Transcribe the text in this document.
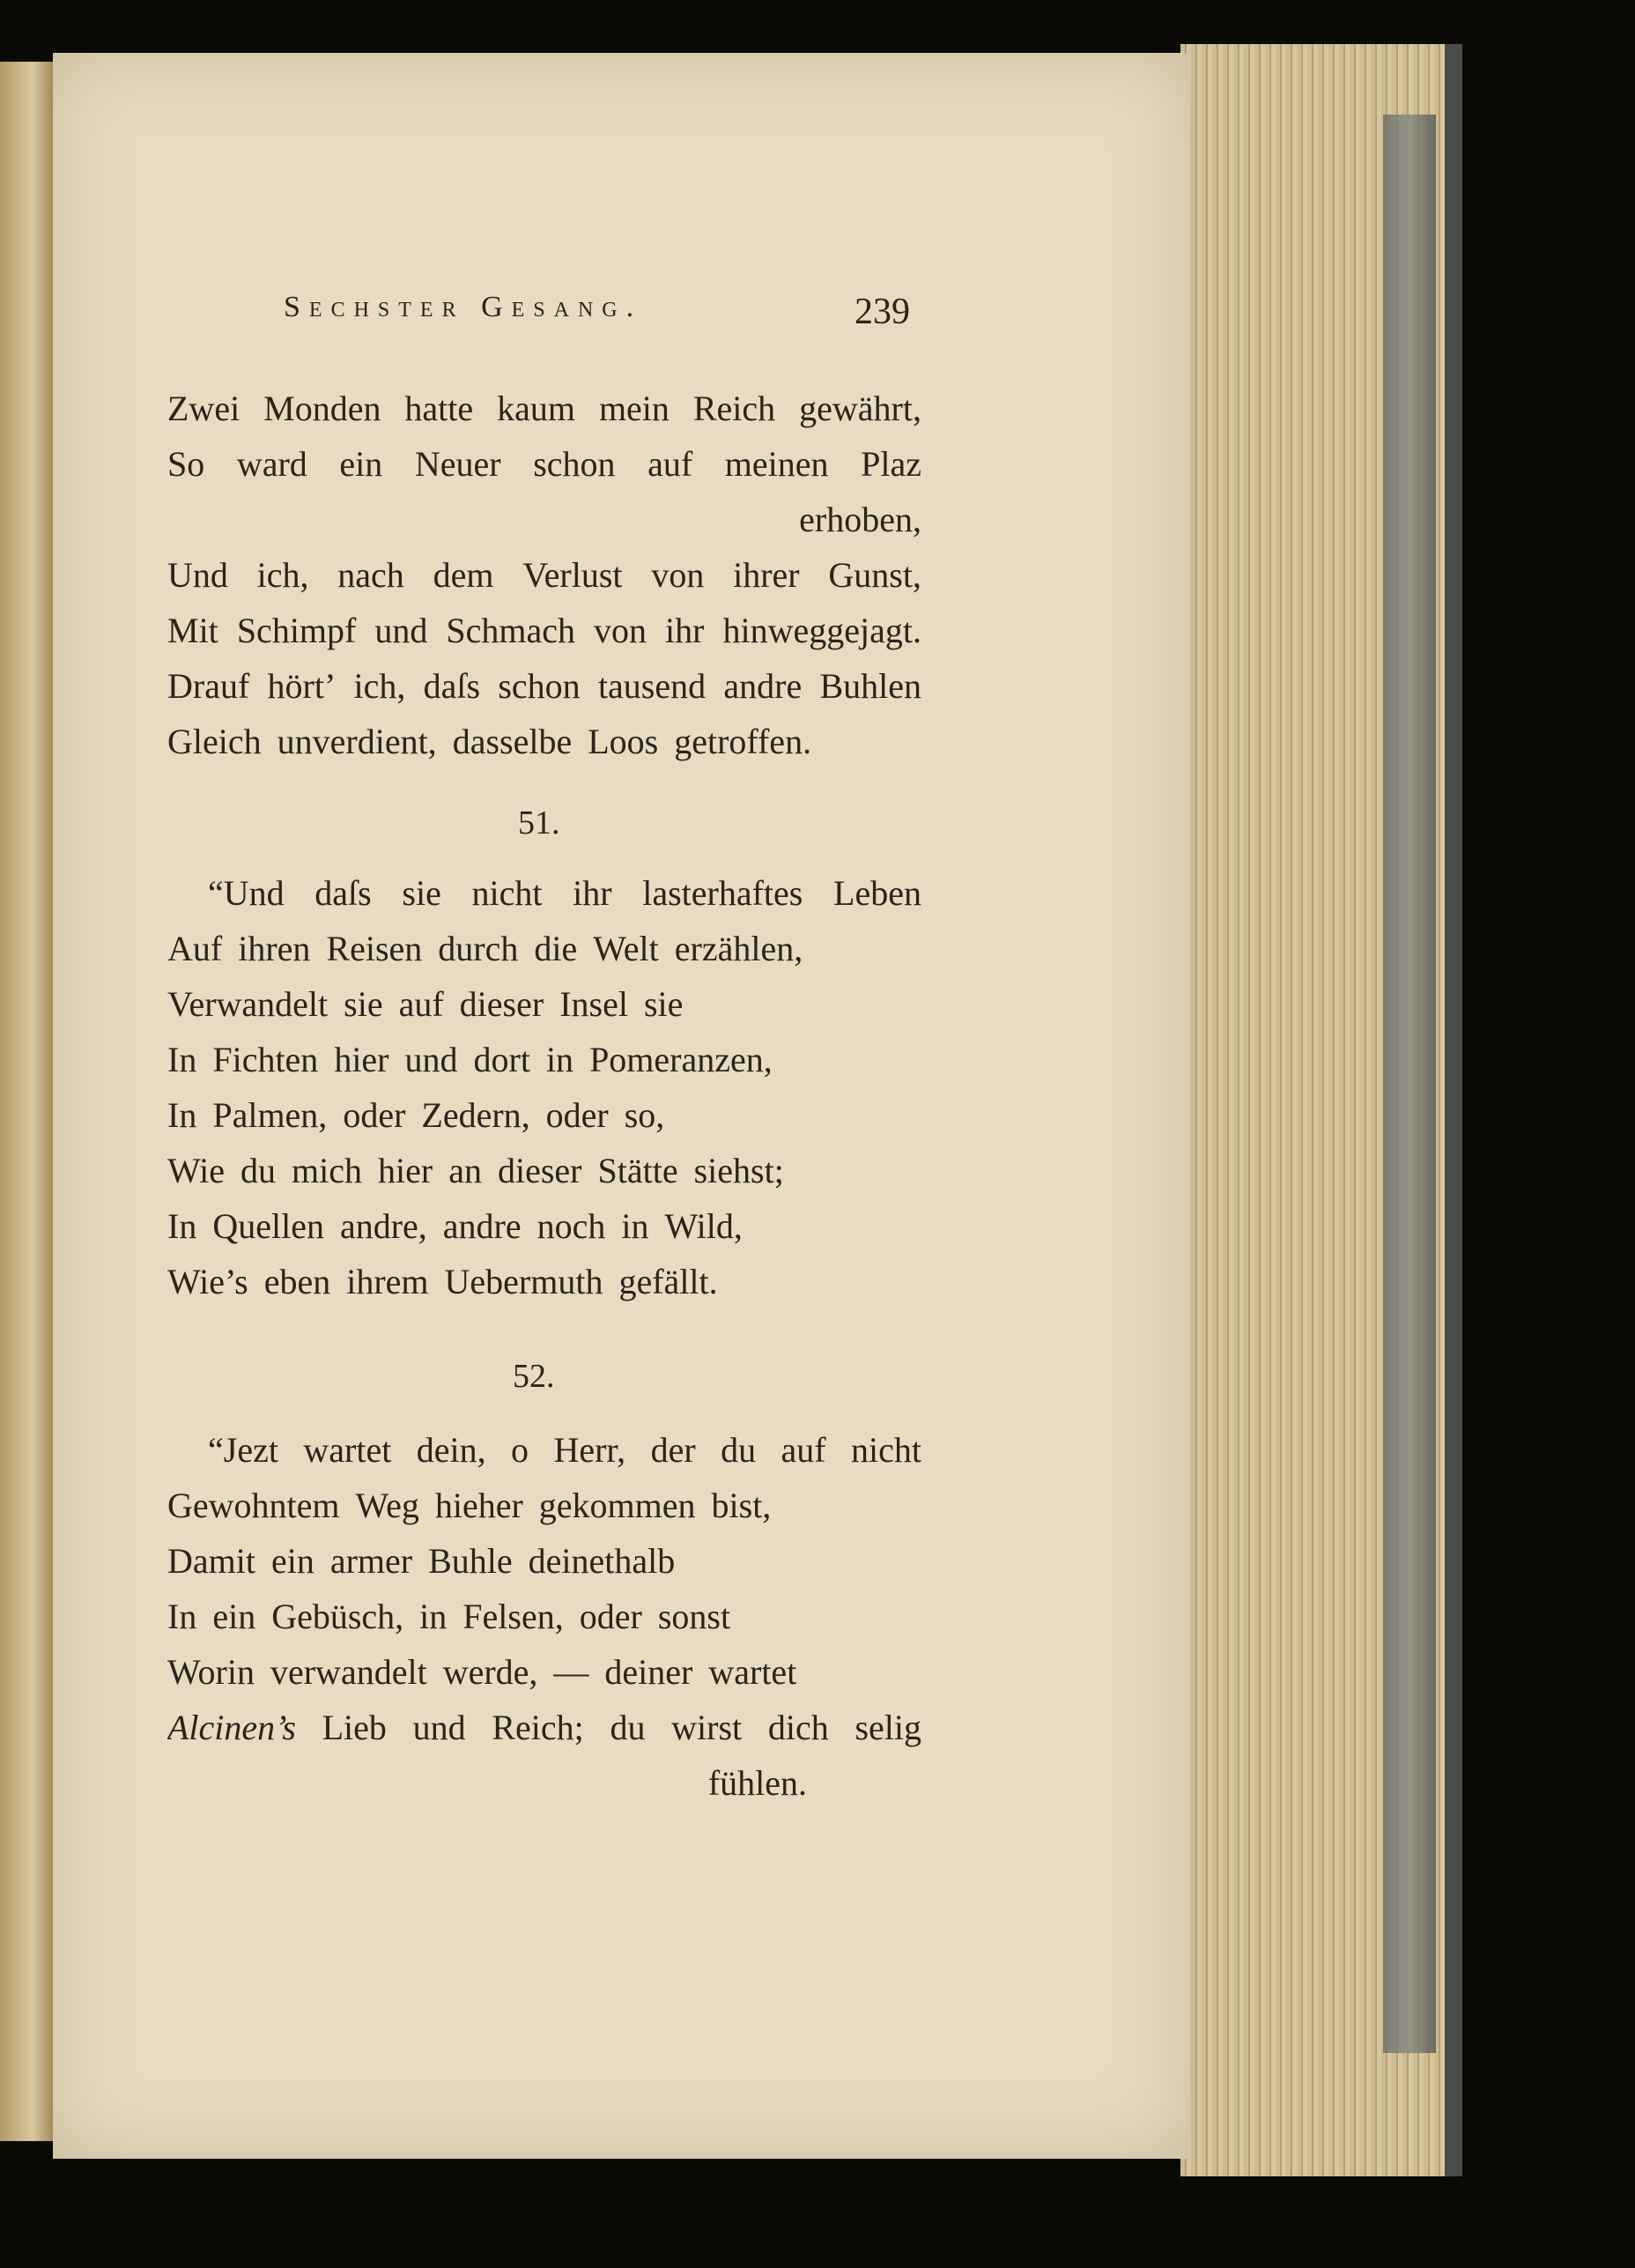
Sechster Gesang.	239
Zwei Monden hatte kaum mein Reich gewährt,
So ward ein Neuer schon auf meinen Plaz
erhoben,
Und ich, nach dem Verlust von ihrer Gunst,
Mit Schimpf und Schmach von ihr hinweggejagt.
Drauf hört’ ich, daſs schon tausend andre Buhlen
Gleich unverdient, dasselbe Loos getroffen.
51.
“Und daſs sie nicht ihr lasterhaftes Leben
Auf ihren Reisen durch die Welt erzählen,
Verwandelt sie auf dieser Insel sie
In Fichten hier und dort in Pomeranzen,
In Palmen, oder Zedern, oder so,
Wie du mich hier an dieser Stätte siehst;
In Quellen andre, andre noch in Wild,
Wie’s eben ihrem Uebermuth gefällt.
52.
“Jezt wartet dein, o Herr, der du auf nicht
Gewohntem Weg hieher gekommen bist,
Damit ein armer Buhle deinethalb
In ein Gebüsch, in Felsen, oder sonst
Worin verwandelt werde, — deiner wartet
Alcinen’s Lieb und Reich; du wirst dich selig
fühlen.
